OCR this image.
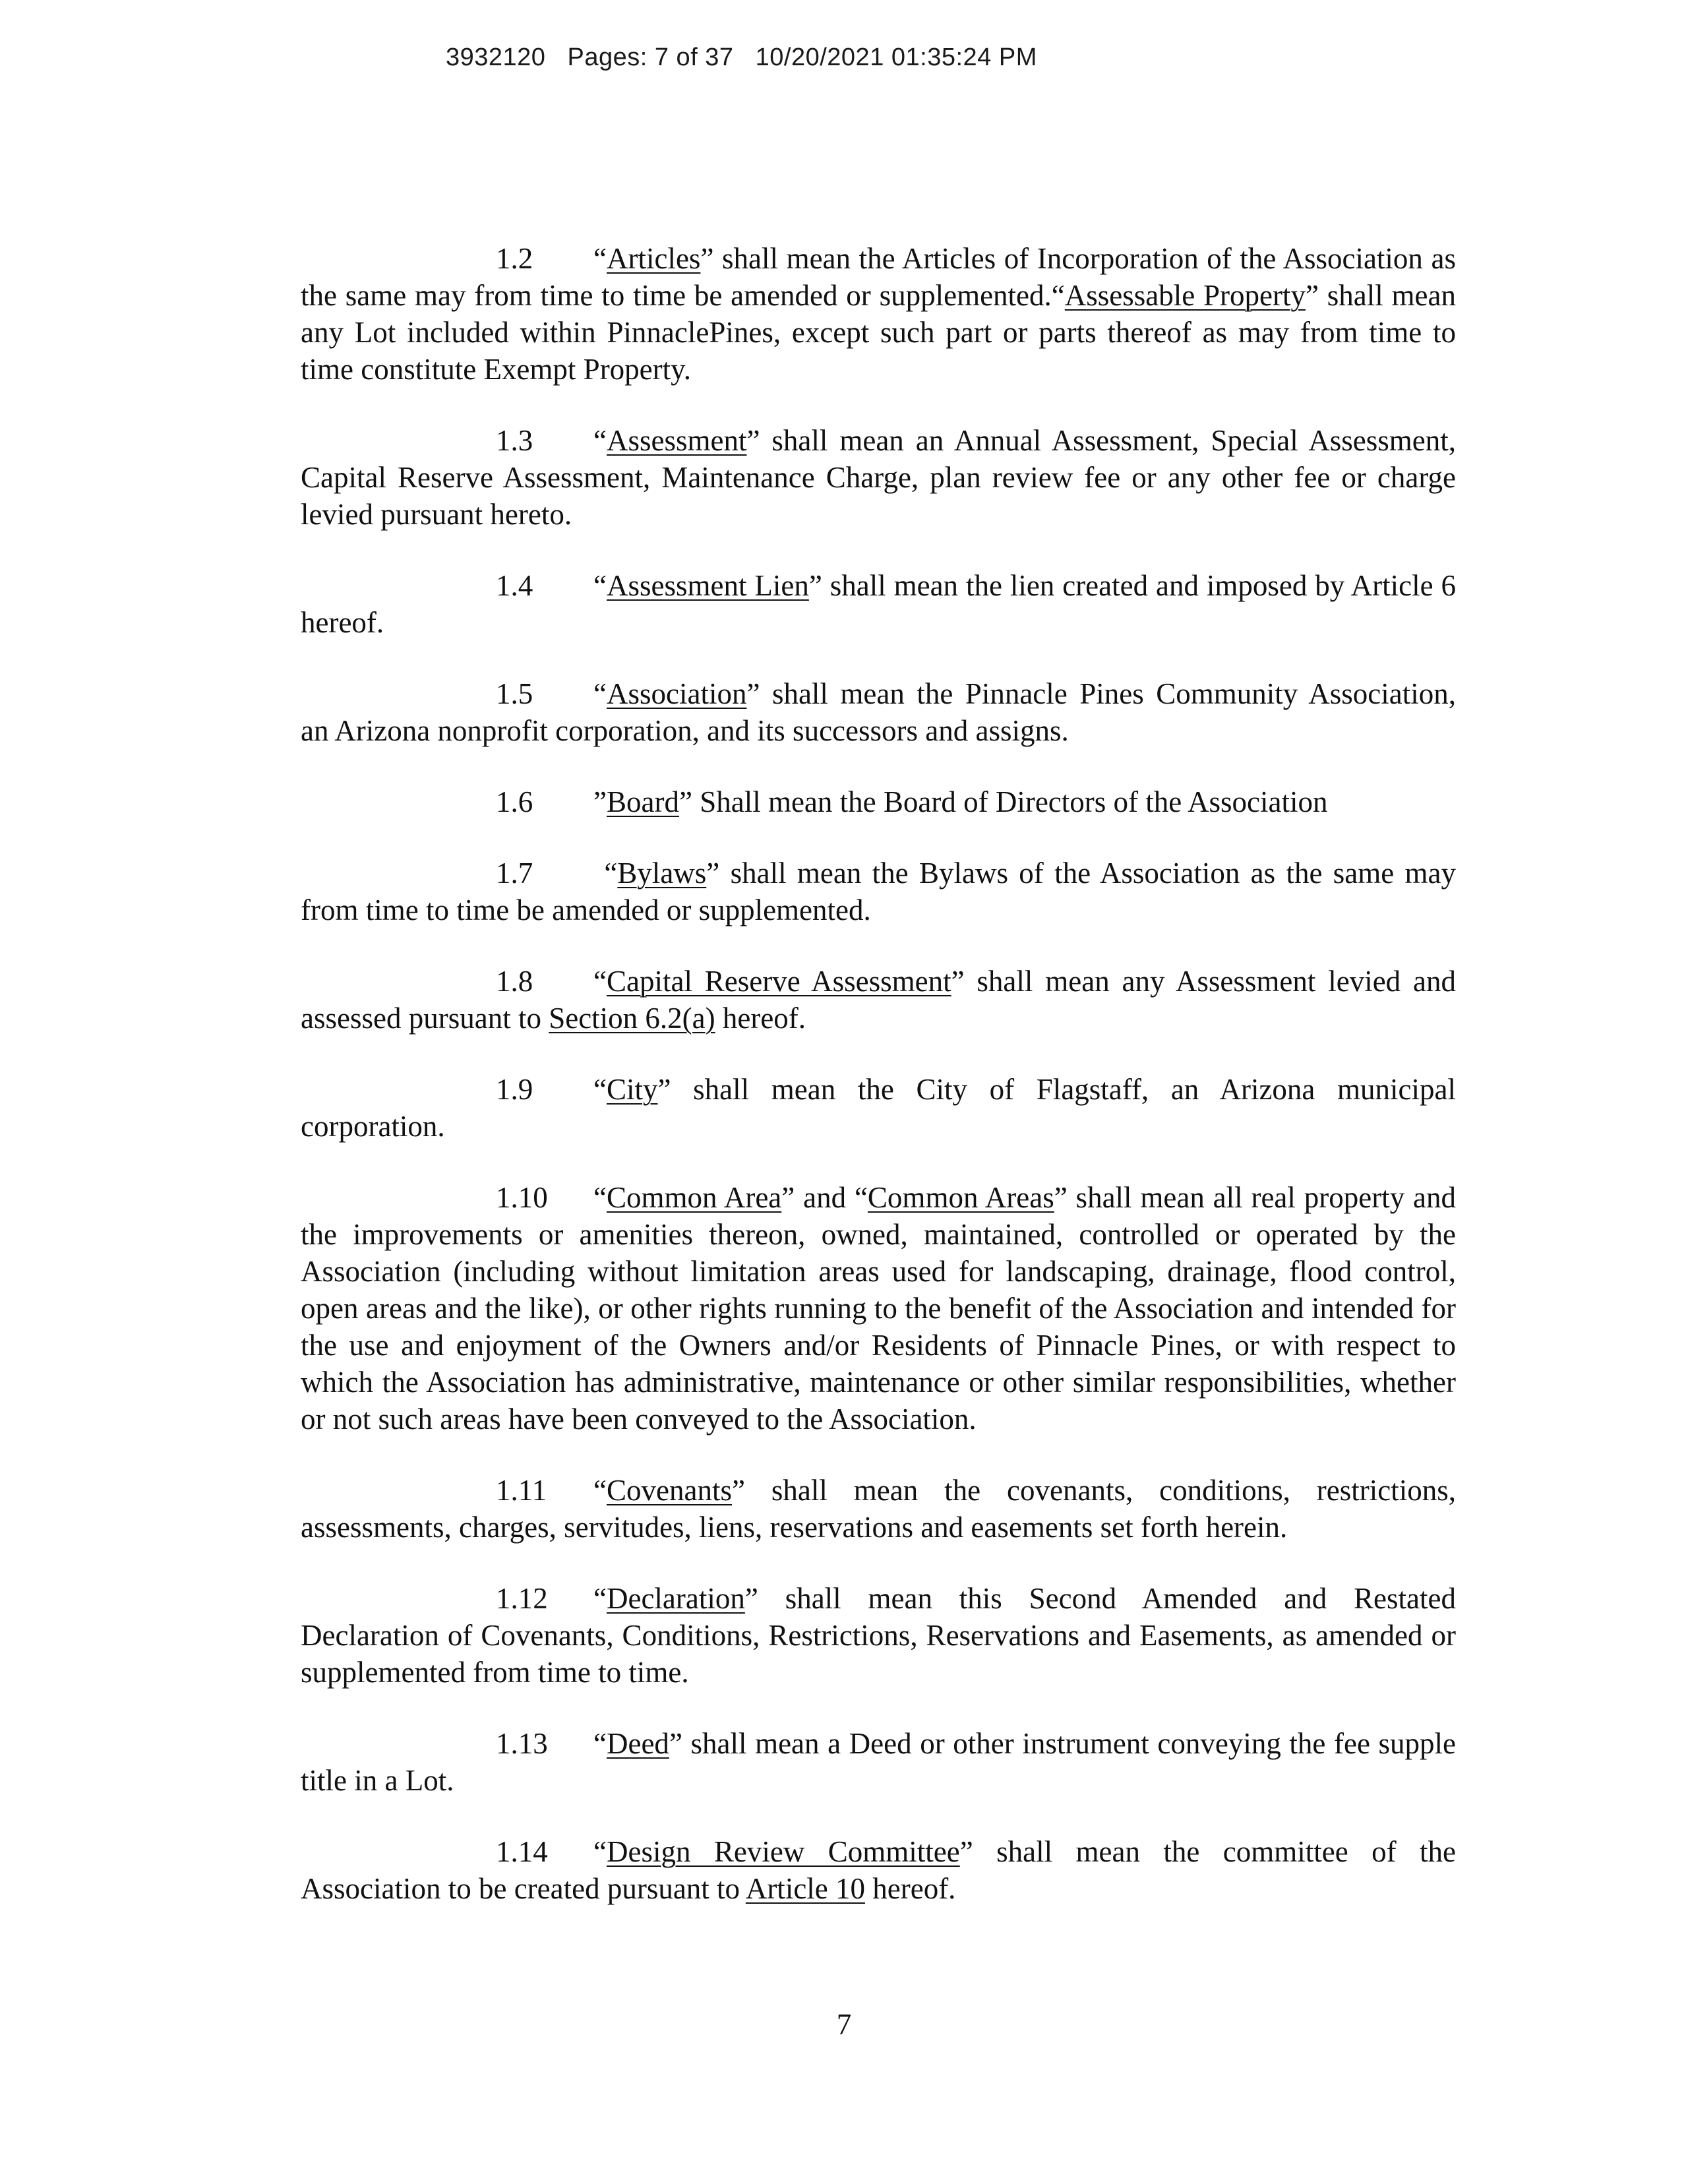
3932120 Pages: 7 of 37 10/20/2021 01:35:24 PM

1.2 “Articles” shall mean the Articles of Incorporation of the Association as the same may from time to time be amended or supplemented.“Assessable Property” shall mean any Lot included within PinnaclePines, except such part or parts thereof as may from time to time constitute Exempt Property.

1.3 “Assessment” shall mean an Annual Assessment, Special Assessment, Capital Reserve Assessment, Maintenance Charge, plan review fee or any other fee or charge levied pursuant hereto.

1.4 “Assessment Lien” shall mean the lien created and imposed by Article 6 hereof.

1.5 “Association” shall mean the Pinnacle Pines Community Association, an Arizona nonprofit corporation, and its successors and assigns.

1.6 ”Board” Shall mean the Board of Directors of the Association

1.7 “Bylaws” shall mean the Bylaws of the Association as the same may from time to time be amended or supplemented.

1.8 “Capital Reserve Assessment” shall mean any Assessment levied and assessed pursuant to Section 6.2(a) hereof.

1.9 “City” shall mean the City of Flagstaff, an Arizona municipal corporation.

1.10 “Common Area” and “Common Areas” shall mean all real property and the improvements or amenities thereon, owned, maintained, controlled or operated by the Association (including without limitation areas used for landscaping, drainage, flood control, open areas and the like), or other rights running to the benefit of the Association and intended for the use and enjoyment of the Owners and/or Residents of Pinnacle Pines, or with respect to which the Association has administrative, maintenance or other similar responsibilities, whether or not such areas have been conveyed to the Association.

1.11 “Covenants” shall mean the covenants, conditions, restrictions, assessments, charges, servitudes, liens, reservations and easements set forth herein.

1.12 “Declaration” shall mean this Second Amended and Restated Declaration of Covenants, Conditions, Restrictions, Reservations and Easements, as amended or supplemented from time to time.

1.13 “Deed” shall mean a Deed or other instrument conveying the fee supple title in a Lot.

1.14 “Design Review Committee” shall mean the committee of the Association to be created pursuant to Article 10 hereof.

7
